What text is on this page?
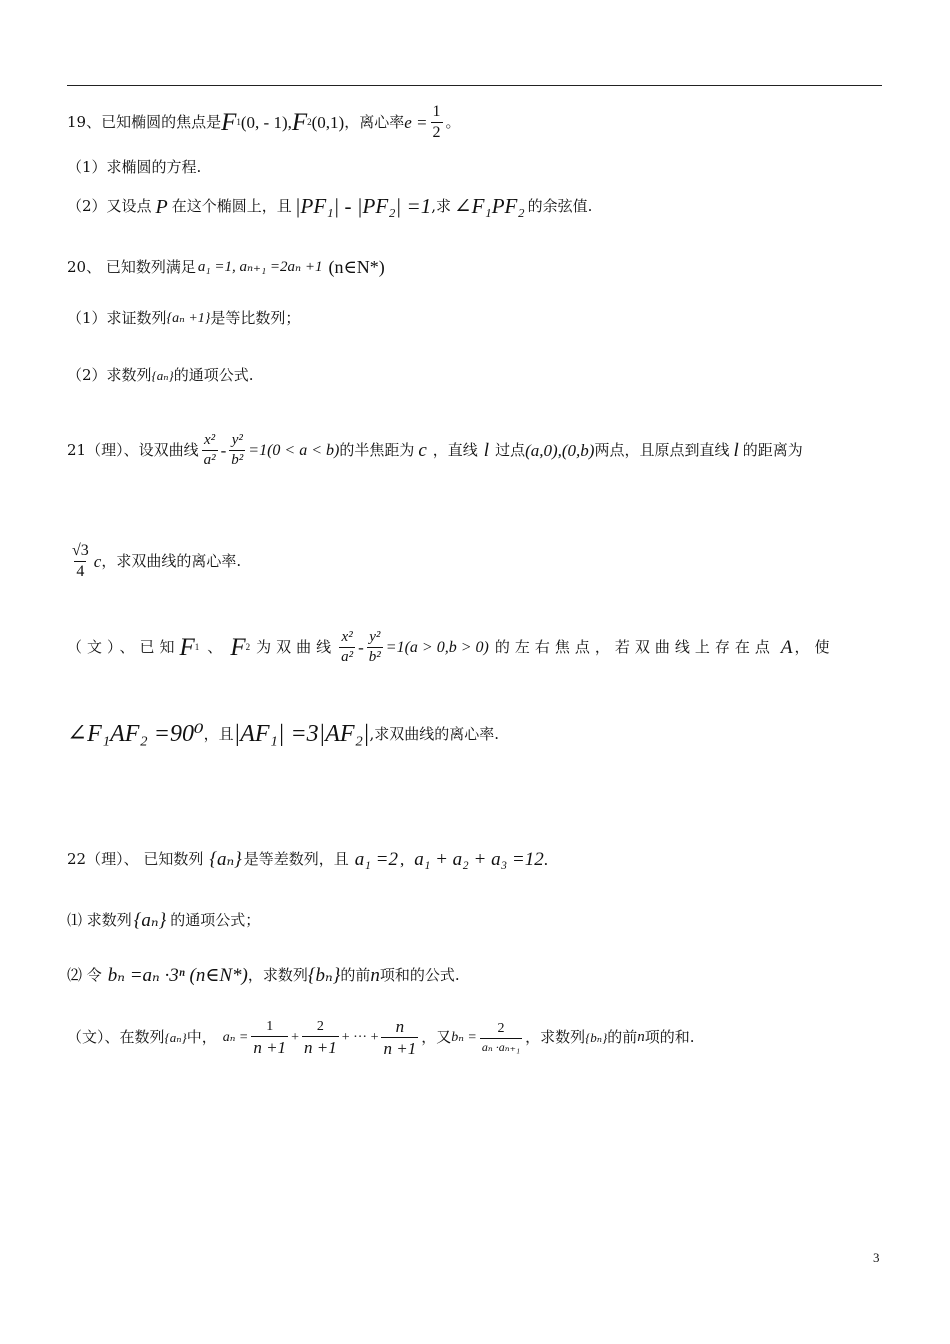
19、已知椭圆的焦点是 F 1 (0, - 1), F 2 (0,1) ，离心率 $e = \frac{1}{2}$ 。
（1）求椭圆的方程.
（2）又设点 P 在这个椭圆上，且 |PF₁| - |PF₂| =1 ,求 ∠F₁PF₂ 的余弦值.
20、 已知数列满足 a₁ =1, aₙ₊₁ =2aₙ +1 (n∈N*)
（1）求证数列 {aₙ +1} 是等比数列；
（2）求数列 {aₙ} 的通项公式.
21（理）、设双曲线 $\frac{\text{x²}}{\text{a²}} - \frac{\text{y²}}{\text{b²}} =1(0 < a < b)$ 的半焦距为 c ，直线 l 过点 (a,0),(0,b) 两点，且原点到直线 l 的距离为
$\frac{√3}{4}$ c ，求双曲线的离心率.
（文）、已知 F 1 、 F 2 为双曲线 $\frac{\text{x²}}{\text{a²}} - \frac{\text{y²}}{\text{b²}} =1(a > 0,b > 0)$ 的左右焦点，若双曲线上存在点 A ，使
∠F₁AF₂ =90⁰ ，且 |AF₁| =3|AF₂| ,求双曲线的离心率.
22（理）、 已知数列 {aₙ} 是等差数列，且 a₁ =2 , a₁ + a₂ + a₃ =12 .
⑴ 求数列 {aₙ} 的通项公式；
⑵ 令 bₙ =aₙ ·3ⁿ (n∈N*) ，求数列 {bₙ} 的前 n 项和的公式.
（文）、在数列 {aₙ} 中， $a_n = \frac{1}{n +1} + \frac{2}{n +1}$ + ··· + $\frac{n}{n +1}$ ，又 $b_n = \frac{2}{\text{aₙ ·aₙ₊₁}}$ ，求数列 {bₙ} 的前 n 项的和.
3
